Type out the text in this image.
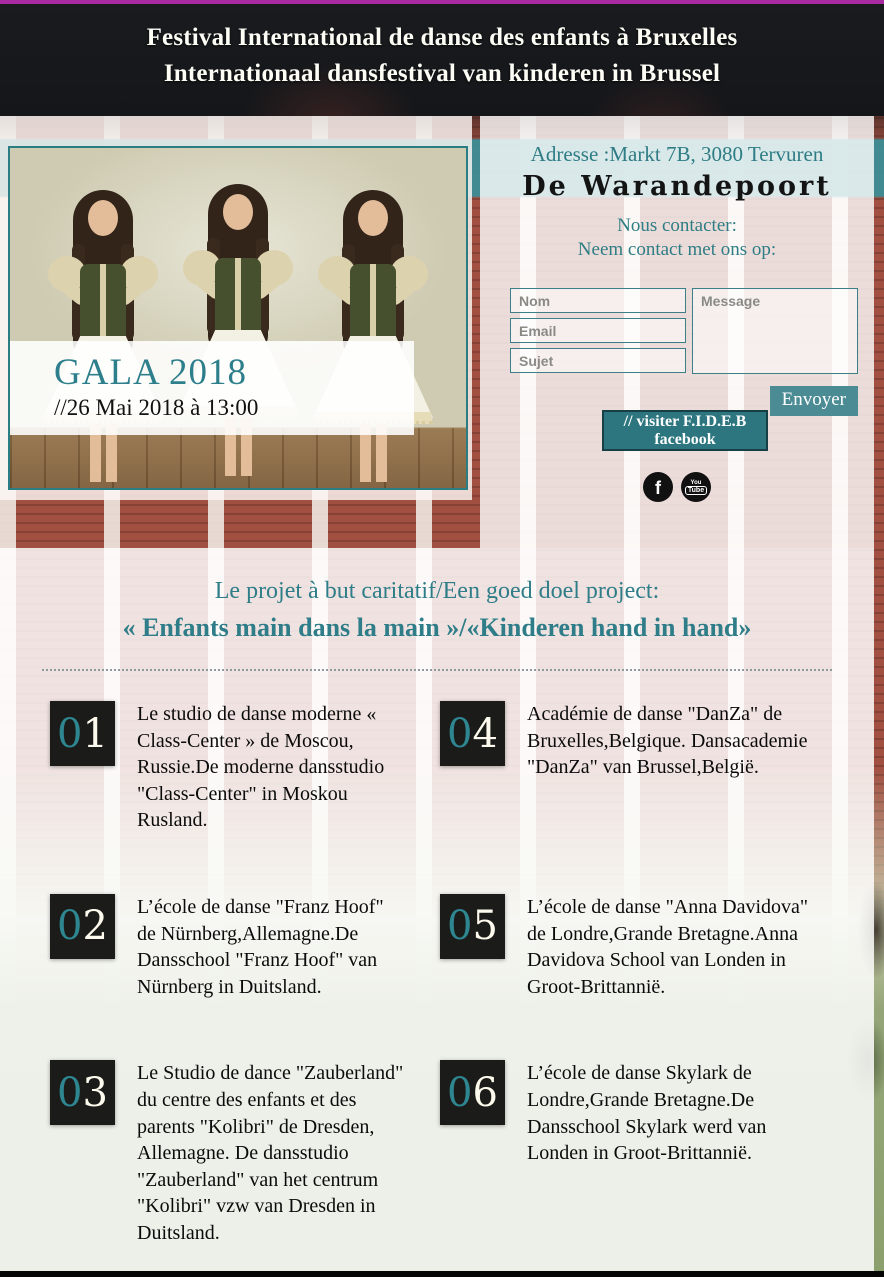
Festival International de danse des enfants à Bruxelles
Internationaal dansfestival van kinderen in Brussel
GALA 2018
//26 Mai 2018 à 13:00
Adresse :Markt 7B, 3080 Tervuren
De Warandepoort
Nous contacter:
Neem contact met ons op:
Nom
Email
Sujet
Message
Envoyer
// visiter F.I.D.E.B facebook
f	You
Tube
Le projet à but caritatif/Een goed doel project:
« Enfants main dans la main »/«Kinderen hand in hand»
0 1 Le studio de danse moderne « Class-Center » de Moscou, Russie.De moderne dansstudio "Class-Center" in Moskou Rusland.
0 4 Académie de danse "DanZa" de Bruxelles,Belgique. Dansacademie "DanZa" van Brussel,België.
0 2 L’école de danse "Franz Hoof" de Nürnberg,Allemagne.De Dansschool "Franz Hoof" van Nürnberg in Duitsland.
0 5 L’école de danse "Anna Davidova" de Londre,Grande Bretagne.Anna Davidova School van Londen in Groot-Brittannië.
0 3 Le Studio de dance "Zauberland" du centre des enfants et des parents "Kolibri" de Dresden, Allemagne. De dansstudio "Zauberland" van het centrum "Kolibri" vzw van Dresden in Duitsland.
0 6 L’école de danse Skylark de Londre,Grande Bretagne.De Dansschool Skylark werd van Londen in Groot-Brittannië.
